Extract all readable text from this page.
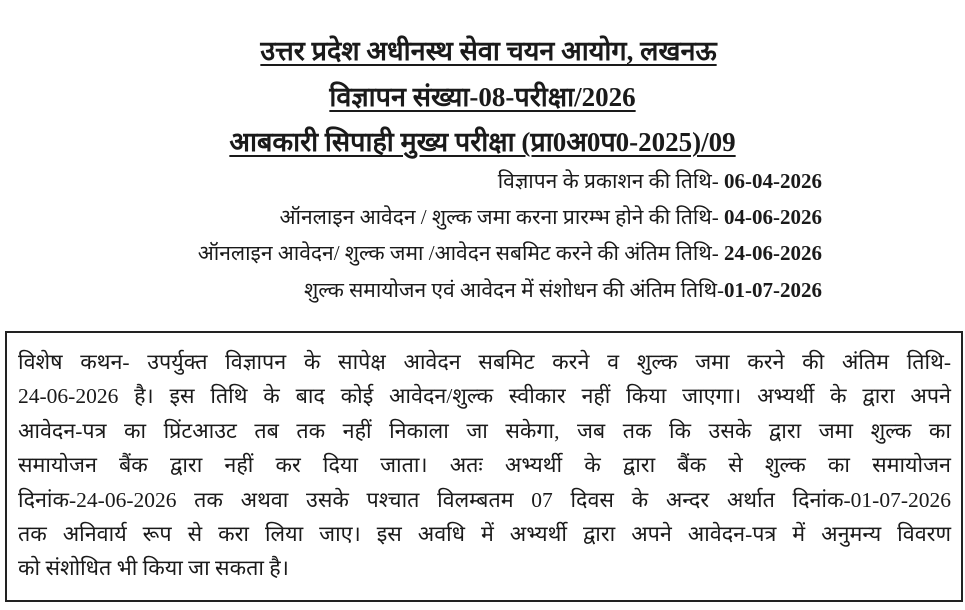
उत्तर प्रदेश अधीनस्थ सेवा चयन आयोग, लखनऊ
विज्ञापन संख्या-08-परीक्षा/2026
आबकारी सिपाही मुख्य परीक्षा (प्रा0अ0प0-2025)/09
विज्ञापन के प्रकाशन की तिथि- 06-04-2026
ऑनलाइन आवेदन / शुल्क जमा करना प्रारम्भ होने की तिथि- 04-06-2026
ऑनलाइन आवेदन/ शुल्क जमा /आवेदन सबमिट करने की अंतिम तिथि- 24-06-2026
शुल्क समायोजन एवं आवेदन में संशोधन की अंतिम तिथि-01-07-2026
विशेष कथन- उपर्युक्त विज्ञापन के सापेक्ष आवेदन सबमिट करने व शुल्क जमा करने की अंतिम तिथि-
24-06-2026 है। इस तिथि के बाद कोई आवेदन/शुल्क स्वीकार नहीं किया जाएगा। अभ्यर्थी के द्वारा अपने
आवेदन-पत्र का प्रिंटआउट तब तक नहीं निकाला जा सकेगा, जब तक कि उसके द्वारा जमा शुल्क का
समायोजन बैंक द्वारा नहीं कर दिया जाता। अतः अभ्यर्थी के द्वारा बैंक से शुल्क का समायोजन
दिनांक-24-06-2026 तक अथवा उसके पश्चात विलम्बतम 07 दिवस के अन्दर अर्थात दिनांक-01-07-2026
तक अनिवार्य रूप से करा लिया जाए। इस अवधि में अभ्यर्थी द्वारा अपने आवेदन-पत्र में अनुमन्य विवरण
को संशोधित भी किया जा सकता है।
